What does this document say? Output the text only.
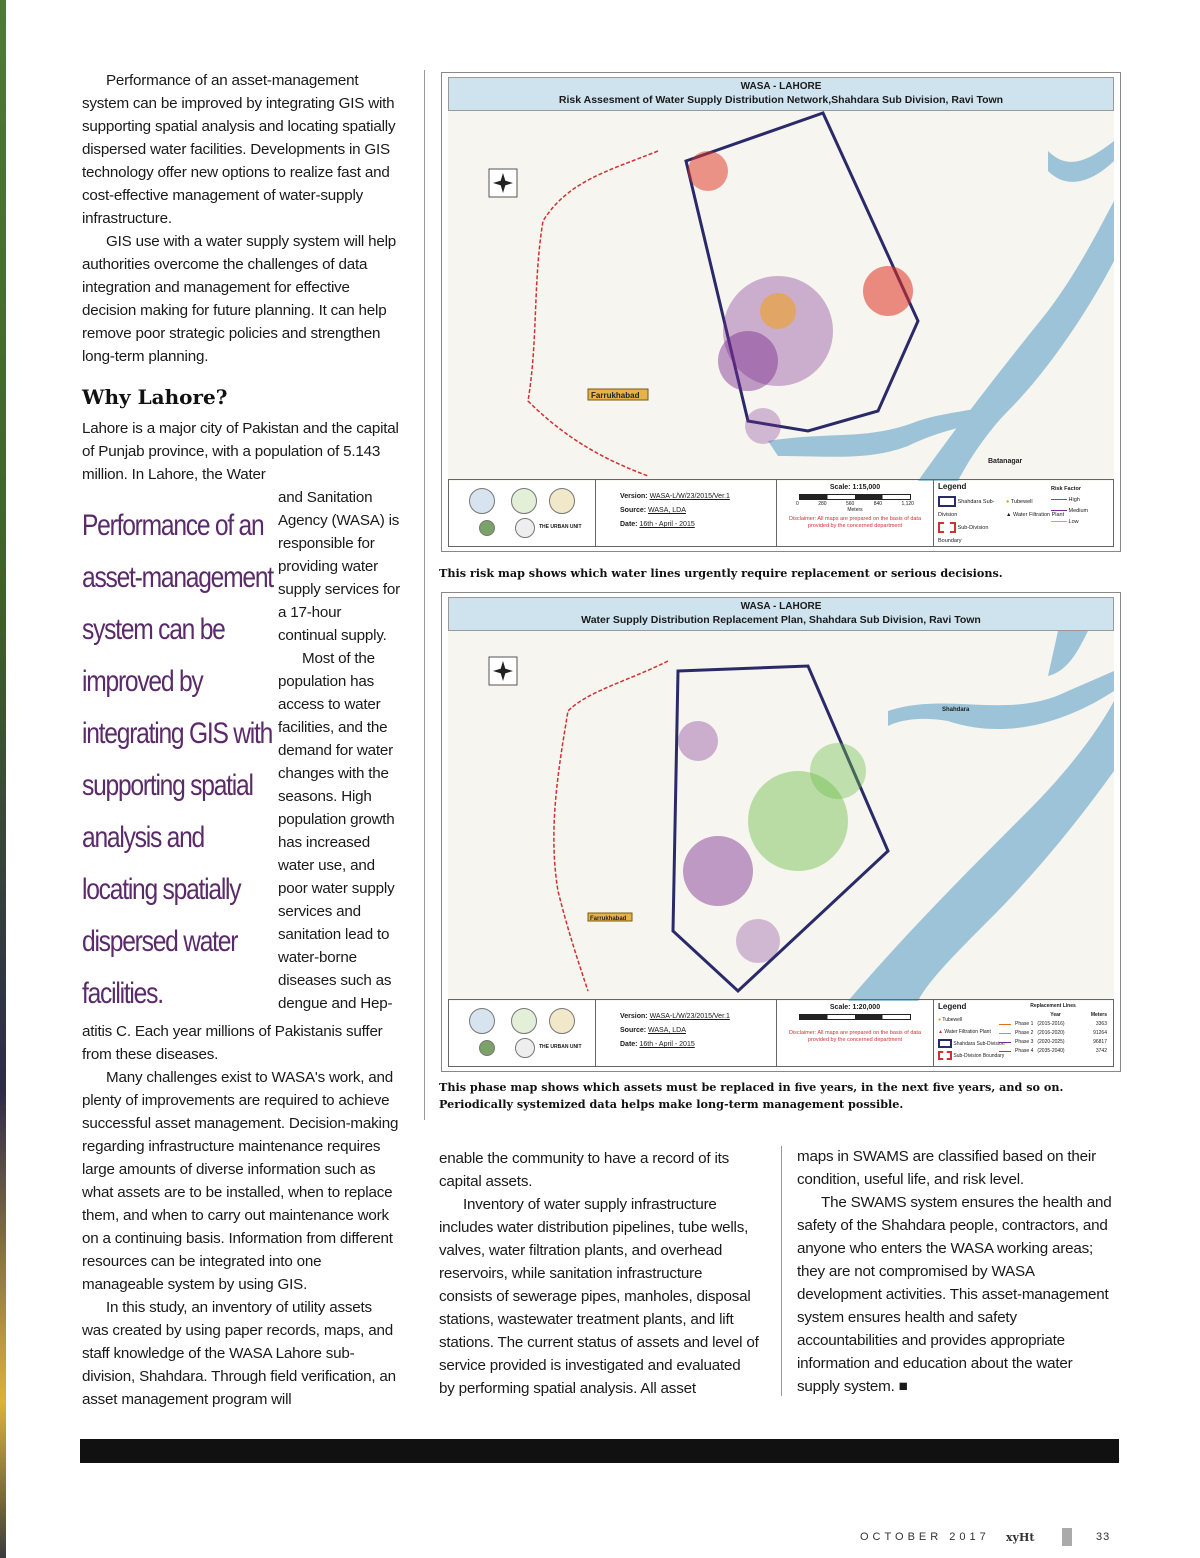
Performance of an asset-management system can be improved by integrating GIS with supporting spatial analysis and locating spatially dispersed water facilities. Developments in GIS technology offer new options to realize fast and cost-effective management of water-supply infrastructure.

GIS use with a water supply system will help authorities overcome the challenges of data integration and management for effective decision making for future planning. It can help remove poor strategic policies and strengthen long-term planning.

Why Lahore?

Lahore is a major city of Pakistan and the capital of Punjab province, with a population of 5.143 million. In Lahore, the Water

Performance of an asset-management system can be improved by integrating GIS with supporting spatial analysis and locating spatially dispersed water facilities.

and Sanitation Agency (WASA) is responsible for providing water supply services for a 17-hour continual supply.

Most of the population has access to water facilities, and the demand for water changes with the seasons. High population growth has increased water use, and poor water supply services and sanitation lead to water-borne diseases such as dengue and Hep-

atitis C. Each year millions of Pakistanis suffer from these diseases.

Many challenges exist to WASA's work, and plenty of improvements are required to achieve successful asset management. Decision-making regarding infrastructure maintenance requires large amounts of diverse information such as what assets are to be installed, when to replace them, and when to carry out maintenance work on a continuing basis. Information from different resources can be integrated into one manageable system by using GIS.

In this study, an inventory of utility assets was created by using paper records, maps, and staff knowledge of the WASA Lahore sub-division, Shahdara. Through field verification, an asset management program will

WASA - LAHORE
Risk Assesment of Water Supply Distribution Network,Shahdara Sub Division, Ravi Town
Farrukhabad
Batanagar
THE URBAN UNIT
Version: WASA-L/W/23/2015/Ver.1
Source: WASA, LDA
Date: 16th - April - 2015
Scale: 1:15,000
0	280	560	840	1,120
Meters
Disclaimer: All maps are prepared on the basis of data provided by the concerned department
Legend
Shahdara Sub-Division
Sub-Division Boundary
● Tubewell
▲ Water Filtration Plant
Risk Factor
High
Medium
Low
This risk map shows which water lines urgently require replacement or serious decisions.
WASA - LAHORE
Water Supply Distribution Replacement Plan, Shahdara Sub Division, Ravi Town
Farrukhabad
Shahdara
THE URBAN UNIT
Version: WASA-L/W/23/2015/Ver.1
Source: WASA, LDA
Date: 16th - April - 2015
Scale: 1:20,000
Disclaimer: All maps are prepared on the basis of data provided by the concerned department
Legend
● Tubewell
▲ Water Filtration Plant
Shahdara Sub-Division
Sub-Division Boundary
Replacement Lines
Year	Meters
Phase 1 (2015-2016)	3363
Phase 2 (2016-2020)	91264
Phase 3 (2020-2025)	96817
Phase 4 (2035-2040)	3742
This phase map shows which assets must be replaced in five years, in the next five years, and so on. Periodically systemized data helps make long-term management possible.

enable the community to have a record of its capital assets.

Inventory of water supply infrastructure includes water distribution pipelines, tube wells, valves, water filtration plants, and overhead reservoirs, while sanitation infrastructure consists of sewerage pipes, manholes, disposal stations, wastewater treatment plants, and lift stations. The current status of assets and level of service provided is investigated and evaluated by performing spatial analysis. All asset

maps in SWAMS are classified based on their condition, useful life, and risk level.

The SWAMS system ensures the health and safety of the Shahdara people, contractors, and anyone who enters the WASA working areas; they are not compromised by WASA development activities. This asset-management system ensures health and safety accountabilities and provides appropriate information and education about the water supply system. ■

OCTOBER 2017 xyHt	33
